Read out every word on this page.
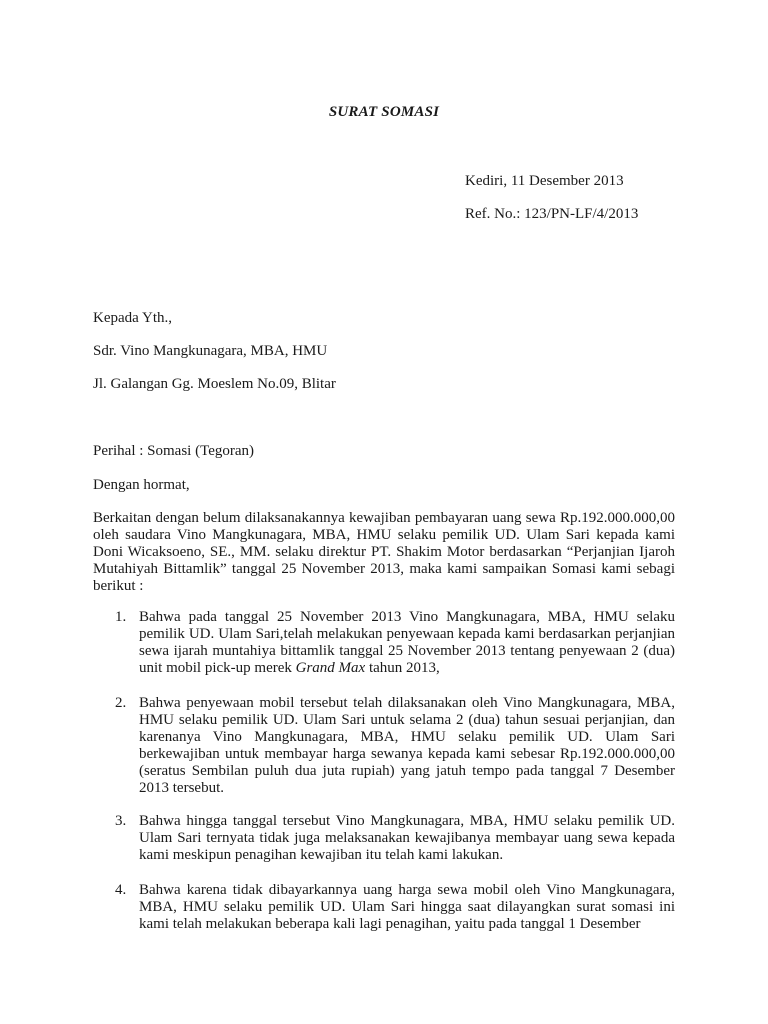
SURAT SOMASI
Kediri, 11 Desember 2013
Ref. No.: 123/PN-LF/4/2013
Kepada Yth.,
Sdr. Vino Mangkunagara, MBA, HMU
Jl. Galangan Gg. Moeslem No.09, Blitar
Perihal : Somasi (Tegoran)
Dengan hormat,
Berkaitan dengan belum dilaksanakannya kewajiban pembayaran uang sewa Rp.192.000.000,00 oleh saudara Vino Mangkunagara, MBA, HMU selaku pemilik UD. Ulam Sari kepada kami Doni Wicaksoeno, SE., MM. selaku direktur PT. Shakim Motor berdasarkan “Perjanjian Ijaroh Mutahiyah Bittamlik” tanggal 25 November 2013, maka kami sampaikan Somasi kami sebagi berikut :
1. Bahwa pada tanggal 25 November 2013 Vino Mangkunagara, MBA, HMU selaku pemilik UD. Ulam Sari,telah melakukan penyewaan kepada kami berdasarkan perjanjian sewa ijarah muntahiya bittamlik tanggal 25 November 2013 tentang penyewaan 2 (dua) unit mobil pick-up merek Grand Max tahun 2013,
2. Bahwa penyewaan mobil tersebut telah dilaksanakan oleh Vino Mangkunagara, MBA, HMU selaku pemilik UD. Ulam Sari untuk selama 2 (dua) tahun sesuai perjanjian, dan karenanya Vino Mangkunagara, MBA, HMU selaku pemilik UD. Ulam Sari berkewajiban untuk membayar harga sewanya kepada kami sebesar Rp.192.000.000,00 (seratus Sembilan puluh dua juta rupiah) yang jatuh tempo pada tanggal 7 Desember 2013 tersebut.
3. Bahwa hingga tanggal tersebut Vino Mangkunagara, MBA, HMU selaku pemilik UD. Ulam Sari ternyata tidak juga melaksanakan kewajibanya membayar uang sewa kepada kami meskipun penagihan kewajiban itu telah kami lakukan.
4. Bahwa karena tidak dibayarkannya uang harga sewa mobil oleh Vino Mangkunagara, MBA, HMU selaku pemilik UD. Ulam Sari hingga saat dilayangkan surat somasi ini kami telah melakukan beberapa kali lagi penagihan, yaitu pada tanggal 1 Desember
